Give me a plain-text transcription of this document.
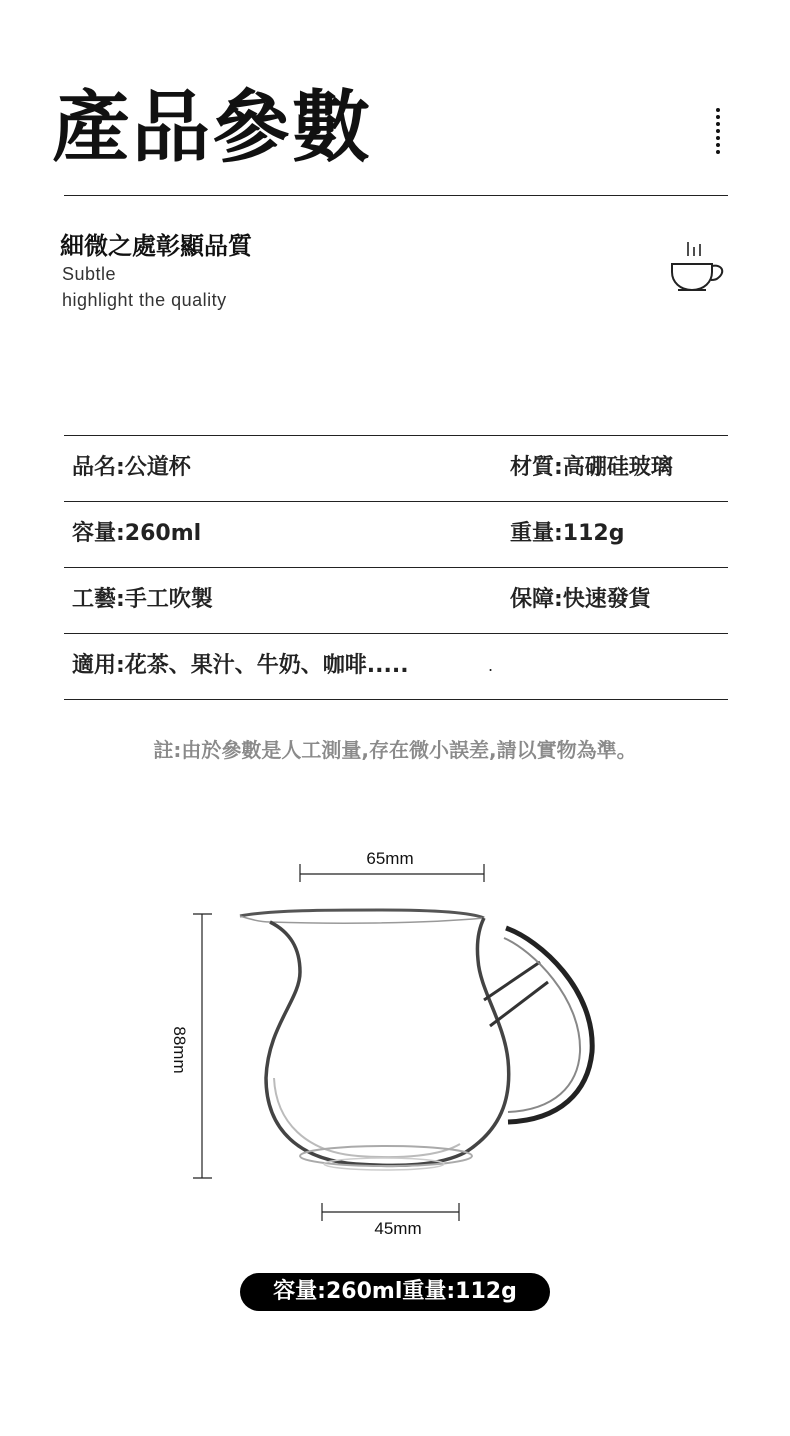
產品參數
細微之處彰顯品質
Subtle
highlight the quality
品名:公道杯	材質:高硼硅玻璃
容量:260ml	重量:112g
工藝:手工吹製	保障:快速發貨
適用:花茶、果汁、牛奶、咖啡.....	.
註:由於參數是人工測量,存在微小誤差,請以實物為準。
65mm
88mm
45mm
容量:260ml重量:112g
